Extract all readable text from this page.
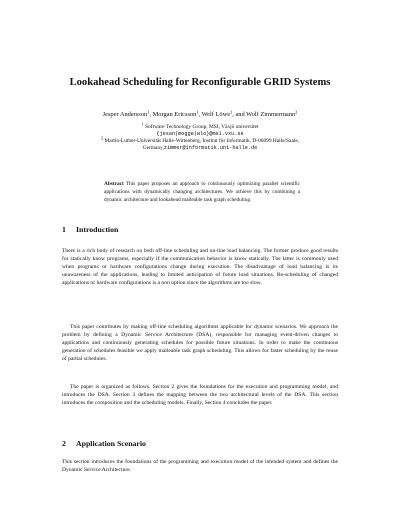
Lookahead Scheduling for Reconfigurable GRID Systems
Jesper Andersson$^1$, Morgan Ericsson$^1$, Welf Löwe$^1$, and Wolf Zimmermann$^2$
$^1$ Software Technology Group, MSI, Växjö universitet
{jesan|mogge|wlo}@msi.vxu.se
$^2$ Martin-Luther-Universität Halle-Wittenberg, Institut für Informatik, D-06099 Halle/Saale,
Germany,zimmer@informatik.uni-halle.de
Abstract This paper proposes an approach to continuously optimizing parallel scientific applications with dynamically changing architectures. We achieve this by combining a dynamic architecture and lookahead malleable task graph scheduling.
1 Introduction

There is a rich body of research on both off-line scheduling and on-line load balancing. The former produce good results for statically know programs, especially if the communication behavior is know statically. The latter is commonly used when programs or hardware configurations change during execution. The disadvantage of load balancing is its unawareness of the applications, leading to limited anticipation of future load situations. Re-scheduling of changed applications or hardware configurations is a non option since the algorithms are too slow.

This paper contributes by making off-line scheduling algorithms applicable for dynamic scenarios. We approach the problem by defining a Dynamic Service Architecture (DSA), responsible for managing event-driven changes to applications and continuously generating schedules for possible future situations. In order to make the continuous generation of schedules feasible we apply malleable task graph scheduling. This allows for faster scheduling by the reuse of partial schedules.

The paper is organized as follows. Section 2 gives the foundations for the execution and programming model, and introduces the DSA. Section 3 defines the mapping between the two architectural levels of the DSA. This section introduces the composition and the scheduling models. Finally, Section 4 concludes the paper.

2 Application Scenario

This section introduces the foundations of the programming and execution model of the intended system and defines the Dynamic Service Architecture.
